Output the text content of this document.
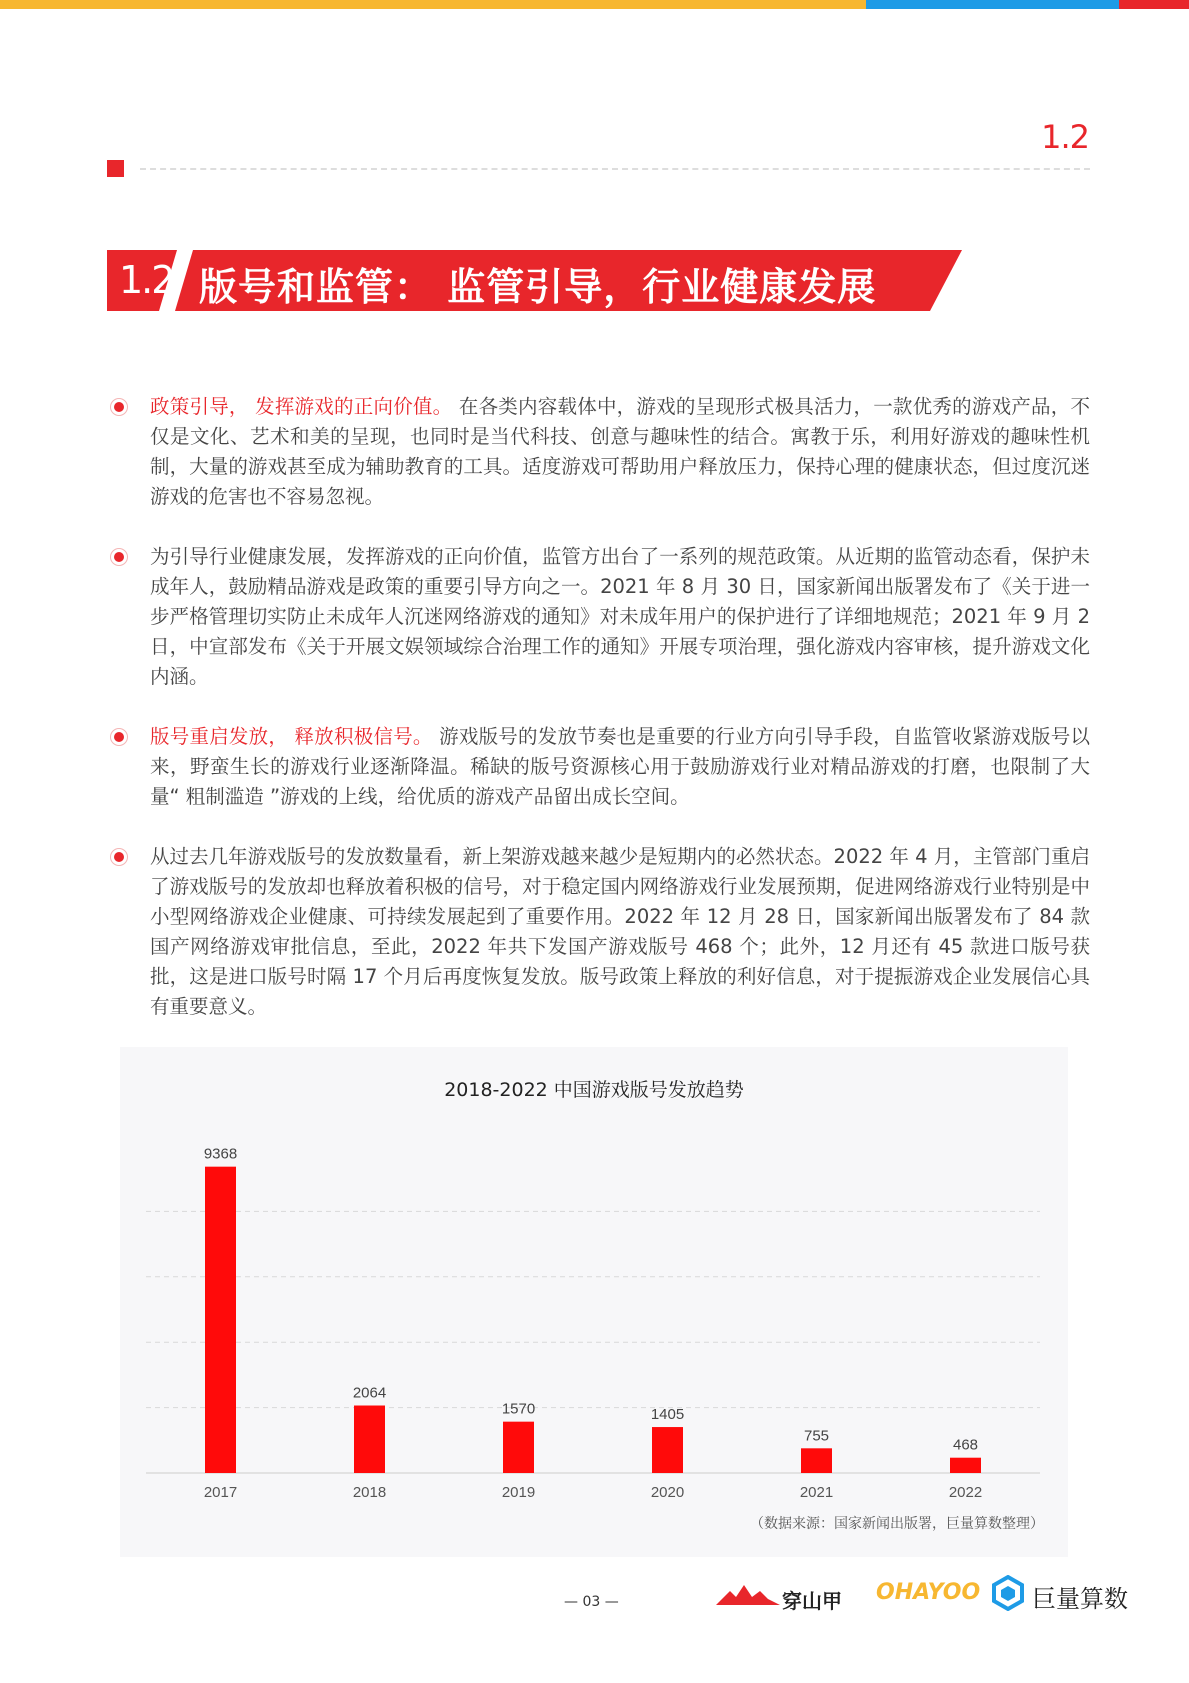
1.2
1.2 版号和监管： 监管引导，行业健康发展
政策引导， 发挥游戏的正向价值。 在各类内容载体中，游戏的呈现形式极具活力，一款优秀的游戏产品，不仅是文化、艺术和美的呈现，也同时是当代科技、创意与趣味性的结合。寓教于乐，利用好游戏的趣味性机制，大量的游戏甚至成为辅助教育的工具。适度游戏可帮助用户释放压力，保持心理的健康状态，但过度沉迷游戏的危害也不容易忽视。
为引导行业健康发展，发挥游戏的正向价值，监管方出台了一系列的规范政策。从近期的监管动态看，保护未成年人，鼓励精品游戏是政策的重要引导方向之一。2021 年 8 月 30 日，国家新闻出版署发布了《关于进一步严格管理切实防止未成年人沉迷网络游戏的通知》对未成年用户的保护进行了详细地规范；2021 年 9 月 2 日，中宣部发布《关于开展文娱领域综合治理工作的通知》开展专项治理，强化游戏内容审核，提升游戏文化内涵。
版号重启发放， 释放积极信号。 游戏版号的发放节奏也是重要的行业方向引导手段，自监管收紧游戏版号以来，野蛮生长的游戏行业逐渐降温。稀缺的版号资源核心用于鼓励游戏行业对精品游戏的打磨，也限制了大量“ 粗制滥造 ”游戏的上线，给优质的游戏产品留出成长空间。
从过去几年游戏版号的发放数量看，新上架游戏越来越少是短期内的必然状态。2022 年 4 月，主管部门重启了游戏版号的发放却也释放着积极的信号，对于稳定国内网络游戏行业发展预期，促进网络游戏行业特别是中小型网络游戏企业健康、可持续发展起到了重要作用。2022 年 12 月 28 日，国家新闻出版署发布了 84 款国产网络游戏审批信息，至此，2022 年共下发国产游戏版号 468 个；此外，12 月还有 45 款进口版号获批，这是进口版号时隔 17 个月后再度恢复发放。版号政策上释放的利好信息，对于提振游戏企业发展信心具有重要意义。
9368
2017
2064
2018
1570
2019
1405
2020
755
2021
468
2022
2018-2022 中国游戏版号发放趋势
（数据来源：国家新闻出版署，巨量算数整理）
— 03 —	穿山甲 OHAYOO 巨量算数
